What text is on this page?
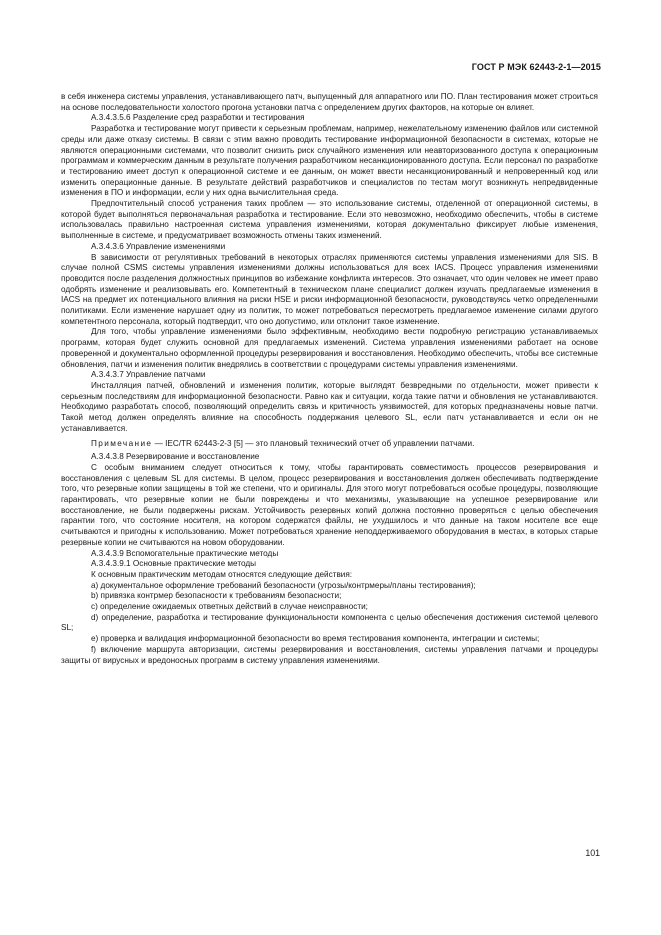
ГОСТ Р МЭК 62443-2-1—2015

в себя инженера системы управления, устанавливающего патч, выпущенный для аппаратного или ПО. План тестирования может строиться на основе последовательности холостого прогона установки патча с определением других факторов, на которые он влияет.

А.3.4.3.5.6 Разделение сред разработки и тестирования

Разработка и тестирование могут привести к серьезным проблемам, например, нежелательному изменению файлов или системной среды или даже отказу системы. В связи с этим важно проводить тестирование информационной безопасности в системах, которые не являются операционными системами, что позволит снизить риск случайного изменения или неавторизованного доступа к операционным программам и коммерческим данным в результате получения разработчиком несанкционированного доступа. Если персонал по разработке и тестированию имеет доступ к операционной системе и ее данным, он может ввести несанкционированный и непроверенный код или изменить операционные данные. В результате действий разработчиков и специалистов по тестам могут возникнуть непредвиденные изменения в ПО и информации, если у них одна вычислительная среда.

Предпочтительный способ устранения таких проблем — это использование системы, отделенной от операционной системы, в которой будет выполняться первоначальная разработка и тестирование. Если это невозможно, необходимо обеспечить, чтобы в системе использовалась правильно настроенная система управления изменениями, которая документально фиксирует любые изменения, выполненные в системе, и предусматривает возможность отмены таких изменений.

А.3.4.3.6 Управление изменениями

В зависимости от регулятивных требований в некоторых отраслях применяются системы управления изменениями для SIS. В случае полной CSMS системы управления изменениями должны использоваться для всех IACS. Процесс управления изменениями проводится после разделения должностных принципов во избежание конфликта интересов. Это означает, что один человек не имеет право одобрять изменение и реализовывать его. Компетентный в техническом плане специалист должен изучать предлагаемые изменения в IACS на предмет их потенциального влияния на риски HSE и риски информационной безопасности, руководствуясь четко определенными политиками. Если изменение нарушает одну из политик, то может потребоваться пересмотреть предлагаемое изменение силами другого компетентного персонала, который подтвердит, что оно допустимо, или отклонит такое изменение.

Для того, чтобы управление изменениями было эффективным, необходимо вести подробную регистрацию устанавливаемых программ, которая будет служить основной для предлагаемых изменений. Система управления изменениями работает на основе проверенной и документально оформленной процедуры резервирования и восстановления. Необходимо обеспечить, чтобы все системные обновления, патчи и изменения политик внедрялись в соответствии с процедурами системы управления изменениями.

А.3.4.3.7 Управление патчами

Инсталляция патчей, обновлений и изменения политик, которые выглядят безвредными по отдельности, может привести к серьезным последствиям для информационной безопасности. Равно как и ситуации, когда такие патчи и обновления не устанавливаются. Необходимо разработать способ, позволяющий определить связь и критичность уязвимостей, для которых предназначены новые патчи. Такой метод должен определять влияние на способность поддержания целевого SL, если патч устанавливается и если он не устанавливается.

Примечание — IEC/TR 62443-2-3 [5] — это плановый технический отчет об управлении патчами.

А.3.4.3.8 Резервирование и восстановление

С особым вниманием следует относиться к тому, чтобы гарантировать совместимость процессов резервирования и восстановления с целевым SL для системы. В целом, процесс резервирования и восстановления должен обеспечивать подтверждение того, что резервные копии защищены в той же степени, что и оригиналы. Для этого могут потребоваться особые процедуры, позволяющие гарантировать, что резервные копии не были повреждены и что механизмы, указывающие на успешное резервирование или восстановление, не были подвержены рискам. Устойчивость резервных копий должна постоянно проверяться с целью обеспечения гарантии того, что состояние носителя, на котором содержатся файлы, не ухудшилось и что данные на таком носителе все еще считываются и пригодны к использованию. Может потребоваться хранение неподдерживаемого оборудования в местах, в которых старые резервные копии не считываются на новом оборудовании.

А.3.4.3.9 Вспомогательные практические методы

А.3.4.3.9.1 Основные практические методы

К основным практическим методам относятся следующие действия:

a) документальное оформление требований безопасности (угрозы/контрмеры/планы тестирования);

b) привязка контрмер безопасности к требованиям безопасности;

c) определение ожидаемых ответных действий в случае неисправности;

d) определение, разработка и тестирование функциональности компонента с целью обеспечения достижения системой целевого SL;

e) проверка и валидация информационной безопасности во время тестирования компонента, интеграции и системы;

f) включение маршрута авторизации, системы резервирования и восстановления, системы управления патчами и процедуры защиты от вирусных и вредоносных программ в систему управления изменениями.

101
